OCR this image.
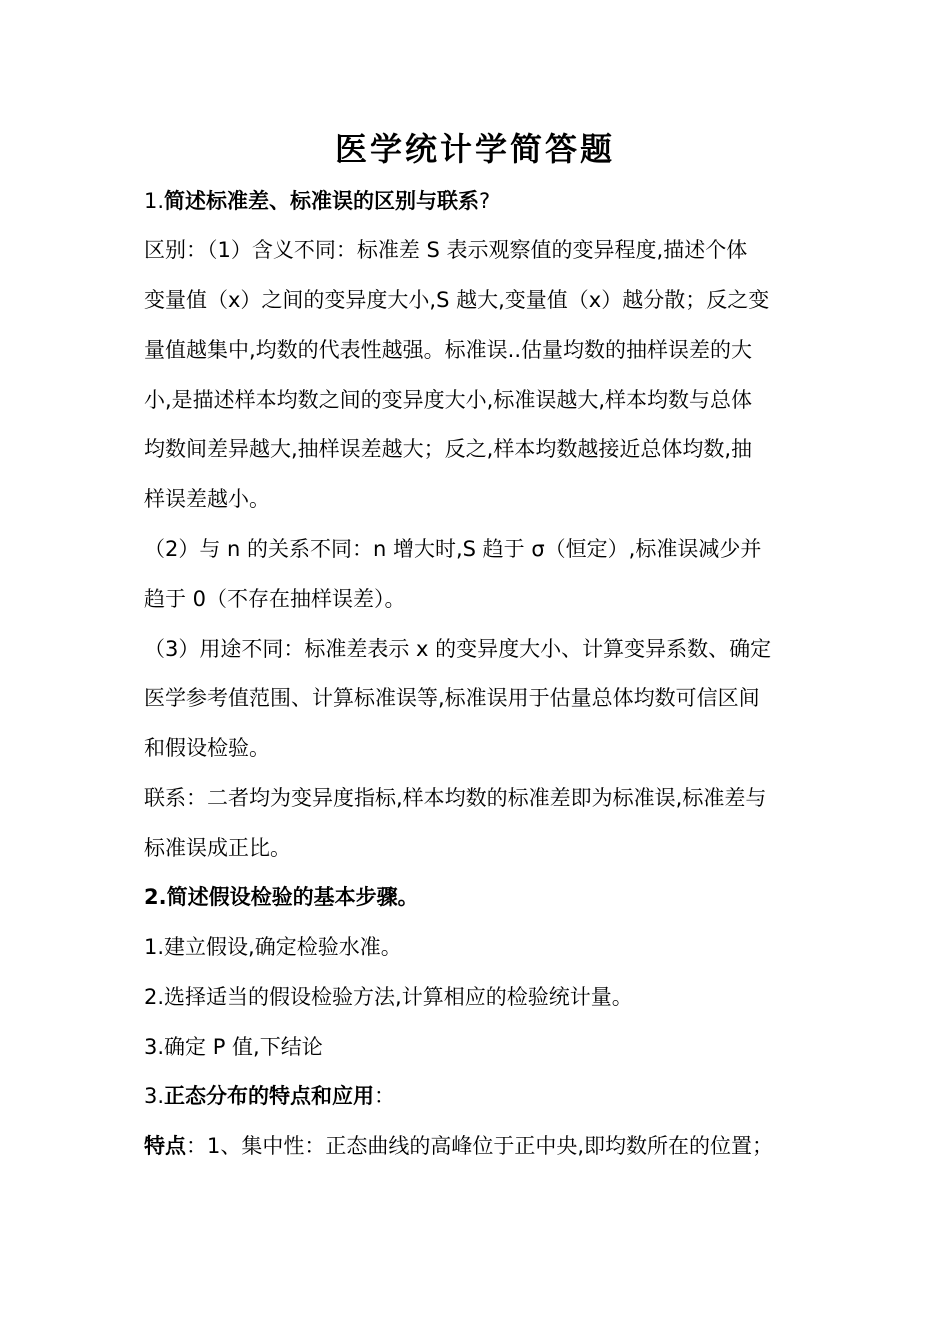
医学统计学简答题

1.简述标准差、标准误的区别与联系?

区别：（1）含义不同：标准差 S 表示观察值的变异程度,描述个体

变量值（x）之间的变异度大小,S 越大,变量值（x）越分散；反之变

量值越集中,均数的代表性越强。标准误..估量均数的抽样误差的大

小,是描述样本均数之间的变异度大小,标准误越大,样本均数与总体

均数间差异越大,抽样误差越大；反之,样本均数越接近总体均数,抽

样误差越小。

（2）与 n 的关系不同：n 增大时,S 趋于 σ（恒定）,标准误减少并

趋于 0（不存在抽样误差）。

（3）用途不同：标准差表示 x 的变异度大小、计算变异系数、确定

医学参考值范围、计算标准误等,标准误用于估量总体均数可信区间

和假设检验。

联系：二者均为变异度指标,样本均数的标准差即为标准误,标准差与

标准误成正比。

2.简述假设检验的基本步骤。

1.建立假设,确定检验水准。

2.选择适当的假设检验方法,计算相应的检验统计量。

3.确定 P 值,下结论

3.正态分布的特点和应用：

特点：1、集中性：正态曲线的高峰位于正中央,即均数所在的位置；
